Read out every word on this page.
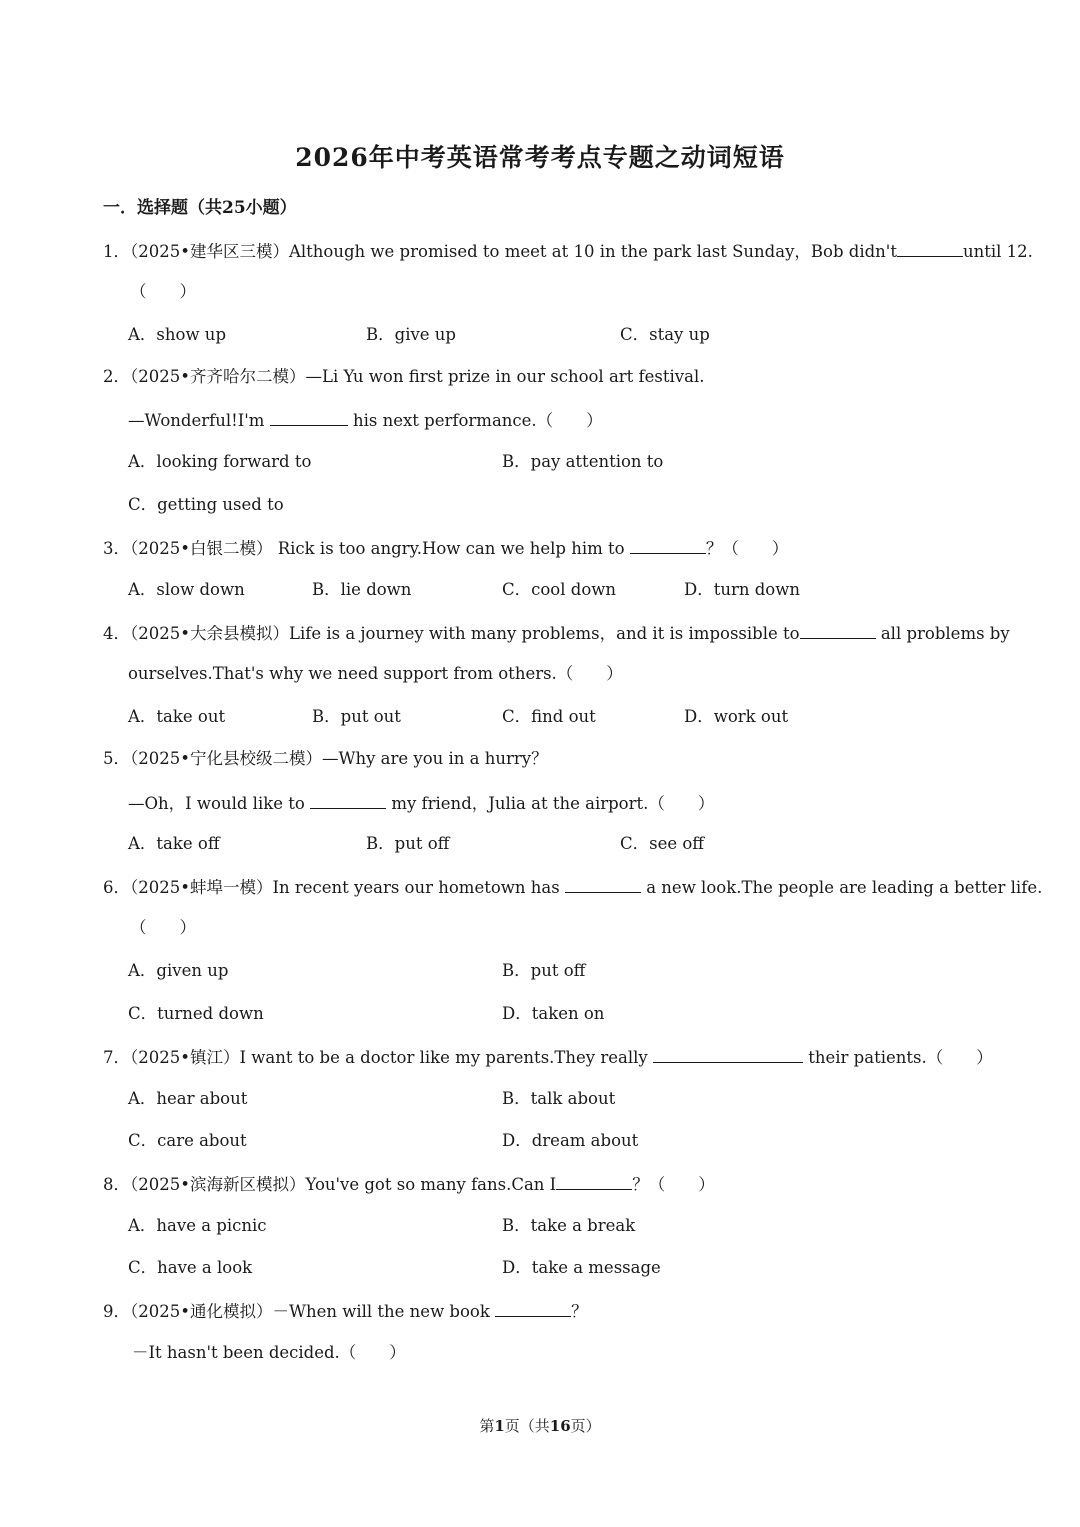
2026年中考英语常考考点专题之动词短语
一．选择题（共25小题）
1．（2025•建华区三模）Although we promised to meet at 10 in the park last Sunday，Bob didn't	until 12.
（　　）
A．show up	B．give up	C．stay up
2．（2025•齐齐哈尔二模）—Li Yu won first prize in our school art festival.
—Wonderful!I'm	his next performance.（　　）
A．looking forward to	B．pay attention to
C．getting used to
3．（2025•白银二模） Rick is too angry.How can we help him to	？（　　）
A．slow down	B．lie down	C．cool down	D．turn down
4．（2025•大余县模拟）Life is a journey with many problems，and it is impossible to	all problems by
ourselves.That's why we need support from others.（　　）
A．take out	B．put out	C．find out	D．work out
5．（2025•宁化县校级二模）—Why are you in a hurry？
—Oh，I would like to	my friend，Julia at the airport.（　　）
A．take off	B．put off	C．see off
6．（2025•蚌埠一模）In recent years our hometown has	a new look.The people are leading a better life.
（　　）
A．given up	B．put off
C．turned down	D．taken on
7．（2025•镇江）I want to be a doctor like my parents.They really	their patients.（　　）
A．hear about	B．talk about
C．care about	D．dream about
8．（2025•滨海新区模拟）You've got so many fans.Can I	？（　　）
A．have a picnic	B．take a break
C．have a look	D．take a message
9．（2025•通化模拟）－When will the new book	？
－It hasn't been decided.（　　）
第1页（共16页）
